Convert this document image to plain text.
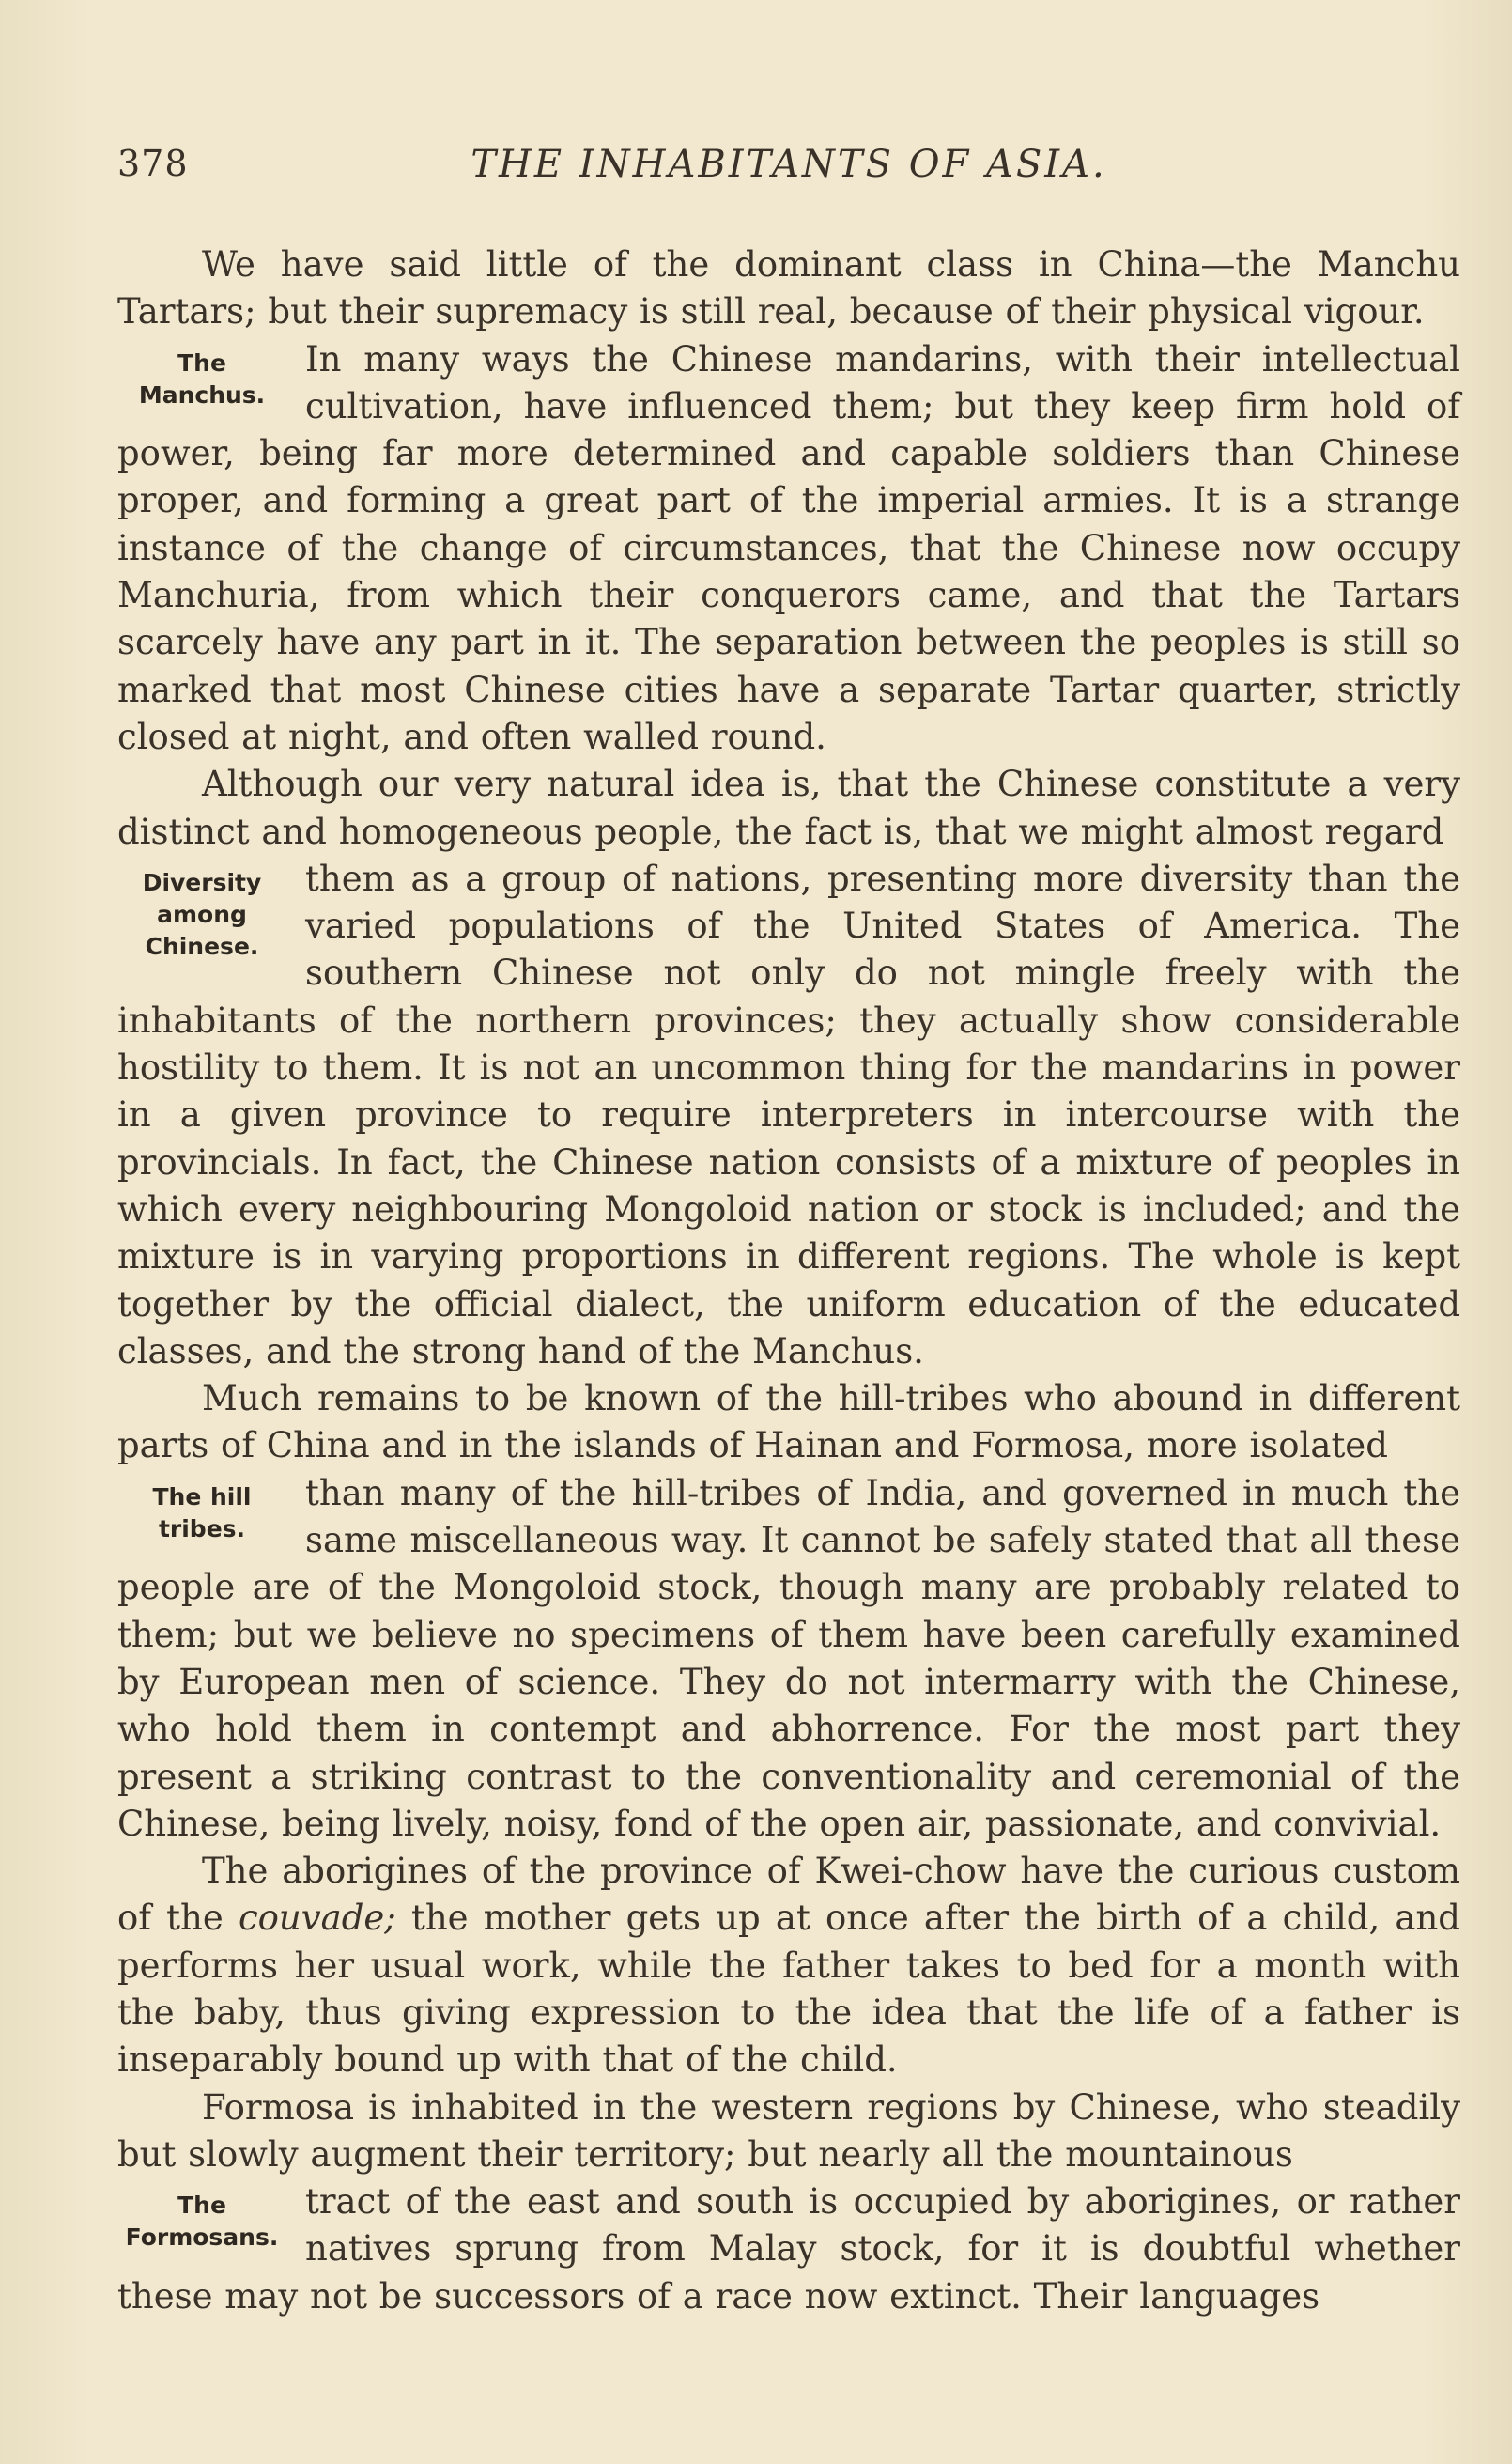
378	THE INHABITANTS OF ASIA.

We have said little of the dominant class in China—the Manchu Tartars; but their supremacy is still real, because of their physical vigour.

The
Manchus.
In many ways the Chinese mandarins, with their intellectual cultivation, have influenced them; but they keep firm hold of power, being far more determined and capable soldiers than Chinese proper, and forming a great part of the imperial armies. It is a strange instance of the change of circumstances, that the Chinese now occupy Manchuria, from which their conquerors came, and that the Tartars scarcely have any part in it. The separation between the peoples is still so marked that most Chinese cities have a separate Tartar quarter, strictly closed at night, and often walled round.

Although our very natural idea is, that the Chinese constitute a very distinct and homogeneous people, the fact is, that we might almost regard

Diversity
among
Chinese.
them as a group of nations, presenting more diversity than the varied populations of the United States of America. The southern Chinese not only do not mingle freely with the inhabitants of the northern provinces; they actually show considerable hostility to them. It is not an uncommon thing for the mandarins in power in a given province to require interpreters in intercourse with the provincials. In fact, the Chinese nation consists of a mixture of peoples in which every neighbouring Mongoloid nation or stock is included; and the mixture is in varying proportions in different regions. The whole is kept together by the official dialect, the uniform education of the educated classes, and the strong hand of the Manchus.

Much remains to be known of the hill-tribes who abound in different parts of China and in the islands of Hainan and Formosa, more isolated

The hill
tribes.
than many of the hill-tribes of India, and governed in much the same miscellaneous way. It cannot be safely stated that all these people are of the Mongoloid stock, though many are probably related to them; but we believe no specimens of them have been carefully examined by European men of science. They do not intermarry with the Chinese, who hold them in contempt and abhorrence. For the most part they present a striking contrast to the conventionality and ceremonial of the Chinese, being lively, noisy, fond of the open air, passionate, and convivial.

The aborigines of the province of Kwei-chow have the curious custom of the couvade; the mother gets up at once after the birth of a child, and performs her usual work, while the father takes to bed for a month with the baby, thus giving expression to the idea that the life of a father is inseparably bound up with that of the child.

Formosa is inhabited in the western regions by Chinese, who steadily but slowly augment their territory; but nearly all the mountainous

The
Formosans.
tract of the east and south is occupied by aborigines, or rather natives sprung from Malay stock, for it is doubtful whether these may not be successors of a race now extinct. Their languages
